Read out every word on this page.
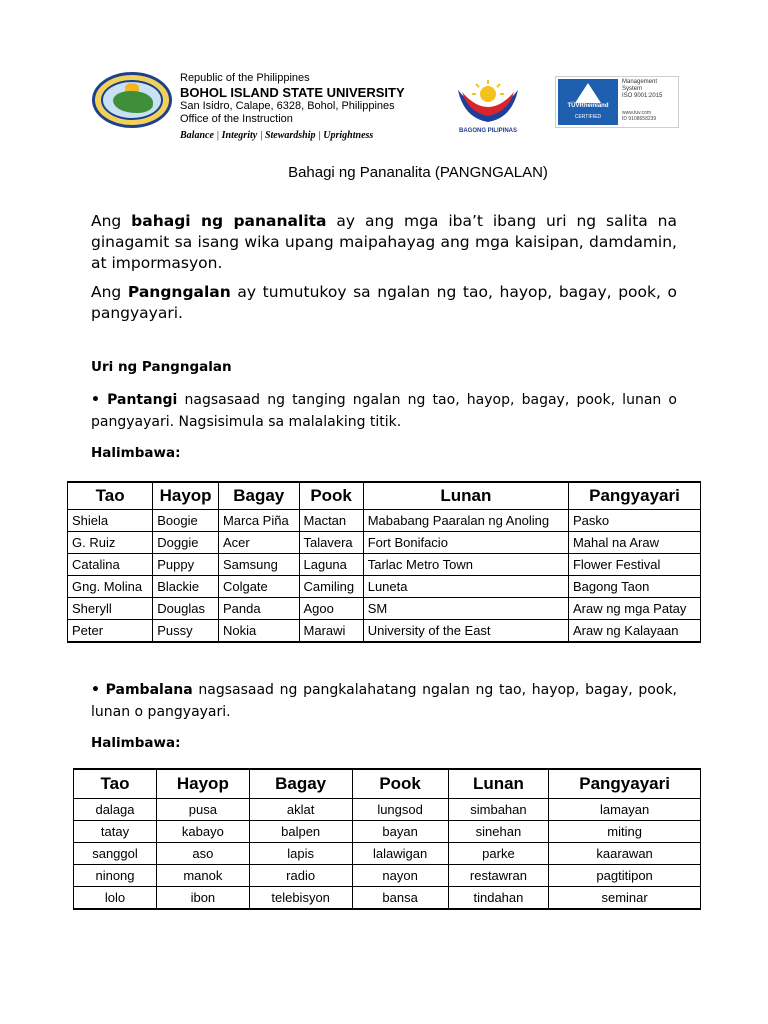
Republic of the Philippines
BOHOL ISLAND STATE UNIVERSITY
San Isidro, Calape, 6328, Bohol, Philippines
Office of the Instruction
Balance | Integrity | Stewardship | Uprightness	BAGONG PILIPINAS
TÜVRheinland
CERTIFIED
Management
System
ISO 9001:2015
www.tuv.com
ID 9108658239
Bahagi ng Pananalita (PANGNGALAN)
Ang bahagi ng pananalita ay ang mga iba’t ibang uri ng salita na ginagamit sa isang wika upang maipahayag ang mga kaisipan, damdamin, at impormasyon.
Ang Pangngalan ay tumutukoy sa ngalan ng tao, hayop, bagay, pook, o pangyayari.
Uri ng Pangngalan
• Pantangi nagsasaad ng tanging ngalan ng tao, hayop, bagay, pook, lunan o pangyayari. Nagsisimula sa malalaking titik.
Halimbawa:
Tao	Hayop	Bagay	Pook	Lunan	Pangyayari
Shiela	Boogie	Marca Piña	Mactan	Mababang Paaralan ng Anoling	Pasko
G. Ruiz	Doggie	Acer	Talavera	Fort Bonifacio	Mahal na Araw
Catalina	Puppy	Samsung	Laguna	Tarlac Metro Town	Flower Festival
Gng. Molina	Blackie	Colgate	Camiling	Luneta	Bagong Taon
Sheryll	Douglas	Panda	Agoo	SM	Araw ng mga Patay
Peter	Pussy	Nokia	Marawi	University of the East	Araw ng Kalayaan
• Pambalana nagsasaad ng pangkalahatang ngalan ng tao, hayop, bagay, pook, lunan o pangyayari.
Halimbawa:
Tao	Hayop	Bagay	Pook	Lunan	Pangyayari
dalaga	pusa	aklat	lungsod	simbahan	lamayan
tatay	kabayo	balpen	bayan	sinehan	miting
sanggol	aso	lapis	lalawigan	parke	kaarawan
ninong	manok	radio	nayon	restawran	pagtitipon
lolo	ibon	telebisyon	bansa	tindahan	seminar
